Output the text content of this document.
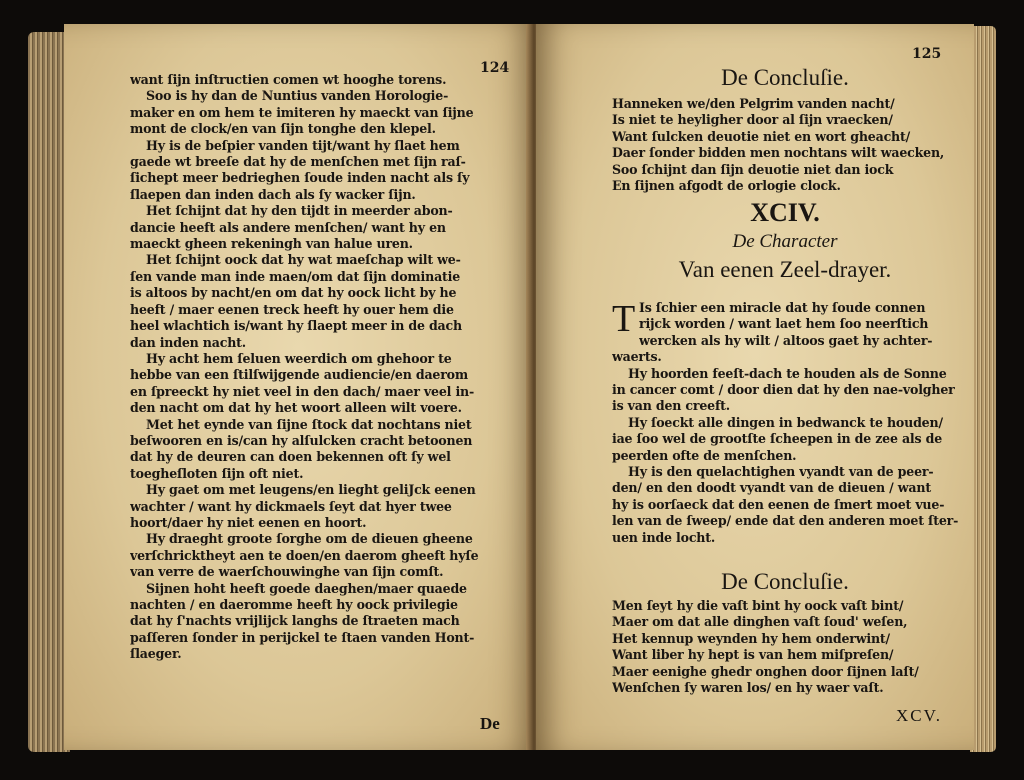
124
want ſijn inſtructien comen wt hooghe torens.
Soo is hy dan de Nuntius vanden Horologie-
maker en om hem te imiteren hy maeckt van ſijne
mont de clock/en van ſijn tonghe den klepel.
Hy is de beſpier vanden tijt/want hy ſlaet hem
gaede wt breeſe dat hy de menſchen met ſijn raſ-
ſichept meer bedrieghen ſoude inden nacht als ſy
ſlaepen dan inden dach als ſy wacker ſijn.
Het ſchijnt dat hy den tijdt in meerder abon-
dancie heeft als andere menſchen/ want hy en
maeckt gheen rekeningh van halue uren.
Het ſchijnt oock dat hy wat maeſchap wilt we-
ſen vande man inde maen/om dat ſijn dominatie
is altoos by nacht/en om dat hy oock licht by he
heeft / maer eenen treck heeft hy ouer hem die
heel wlachtich is/want hy ſlaept meer in de dach
dan inden nacht.
Hy acht hem ſeluen weerdich om ghehoor te
hebbe van een ſtilſwijgende audiencie/en daerom
en ſpreeckt hy niet veel in den dach/ maer veel in-
den nacht om dat hy het woort alleen wilt voere.
Met het eynde van ſijne ſtock dat nochtans niet
beſwooren en is/can hy alſulcken cracht betoonen
dat hy de deuren can doen bekennen oft ſy wel
toegheſloten ſijn oft niet.
Hy gaet om met leugens/en lieght geliJck eenen
wachter / want hy dickmaels ſeyt dat hyer twee
hoort/daer hy niet eenen en hoort.
Hy draeght groote ſorghe om de dieuen gheene
verſchricktheyt aen te doen/en daerom gheeft hyſe
van verre de waerſchouwinghe van ſijn comſt.
Sijnen hoht heeft goede daeghen/maer quaede
nachten / en daeromme heeft hy oock privilegie
dat hy ſ'nachts vrijlijck langhs de ſtraeten mach
paſſeren ſonder in perijckel te ſtaen vanden Hont-
ſlaeger.
De
125
De Concluſie.
Hanneken we/den Pelgrim vanden nacht/
Is niet te heyligher door al ſijn vraecken/
Want ſulcken deuotie niet en wort gheacht/
Daer ſonder bidden men nochtans wilt waecken,
Soo ſchijnt dan ſijn deuotie niet dan iock
En ſijnen afgodt de orlogie clock.
XCIV.
De Character
Van eenen Zeel-drayer.
T Is ſchier een miracle dat hy ſoude connen
rijck worden / want laet hem ſoo neerſtich
wercken als hy wilt / altoos gaet hy achter-
waerts.
Hy hoorden feeſt-dach te houden als de Sonne
in cancer comt / door dien dat hy den nae-volgher
is van den creeft.
Hy ſoeckt alle dingen in bedwanck te houden/
iae ſoo wel de grootſte ſcheepen in de zee als de
peerden ofte de menſchen.
Hy is den quelachtighen vyandt van de peer-
den/ en den doodt vyandt van de dieuen / want
hy is oorſaeck dat den eenen de ſmert moet vue-
len van de ſweep/ ende dat den anderen moet ſter-
uen inde locht.
De Concluſie.
Men ſeyt hy die vaſt bint hy oock vaſt bint/
Maer om dat alle dinghen vaſt ſoud' weſen,
Het kennup weynden hy hem onderwint/
Want liber hy hept is van hem miſpreſen/
Maer eenighe ghedr onghen door ſijnen laſt/
Wenſchen ſy waren los/ en hy waer vaſt.
XCV.
